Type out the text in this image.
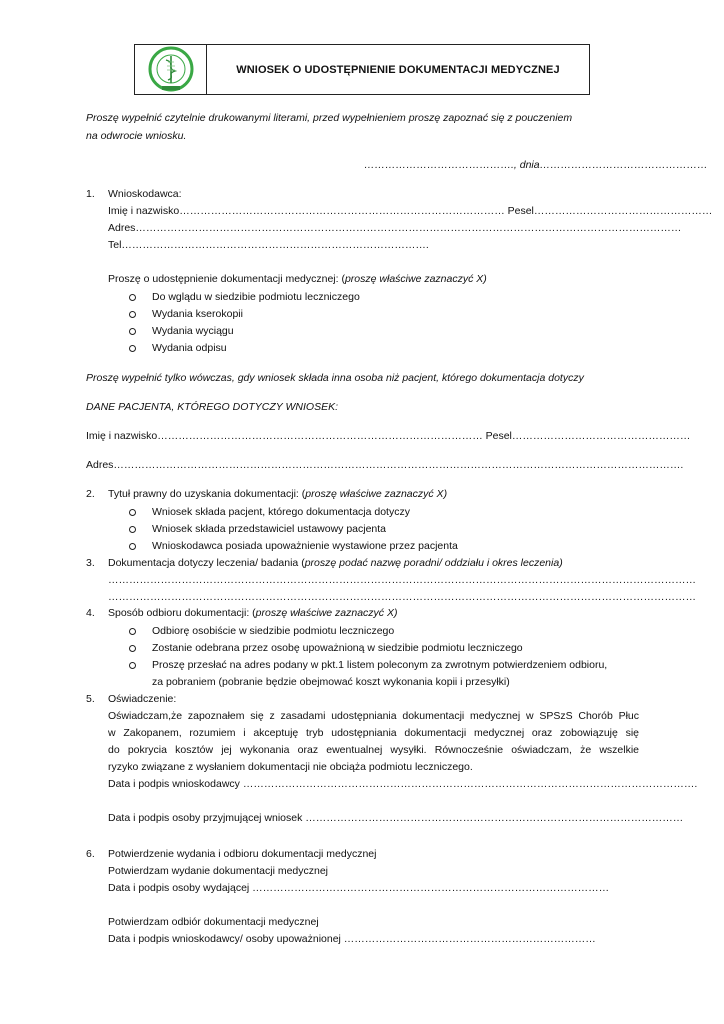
WNIOSEK O UDOSTĘPNIENIE DOKUMENTACJI MEDYCZNEJ
Proszę wypełnić czytelnie drukowanymi literami, przed wypełnieniem proszę zapoznać się z pouczeniem
na odwrocie wniosku.
……………………………………., dnia…………………………………………
1. Wnioskodawca:
Imię i nazwisko………………………………………………………………………………… Pesel……………………………………………
Adres…………………………………………………………………………………………………………………………………………
Tel…………………………………………………………………………….
Proszę o udostępnienie dokumentacji medycznej: (proszę właściwe zaznaczyć X)
Do wglądu w siedzibie podmiotu leczniczego
Wydania kserokopii
Wydania wyciągu
Wydania odpisu
Proszę wypełnić tylko wówczas, gdy wniosek składa inna osoba niż pacjent, którego dokumentacja dotyczy
DANE PACJENTA, KTÓREGO DOTYCZY WNIOSEK:
Imię i nazwisko………………………………………………………………………………… Pesel……………………………………………
Adres……………………………………………………………………………………………………………………………………………….
2. Tytuł prawny do uzyskania dokumentacji: (proszę właściwe zaznaczyć X)
Wniosek składa pacjent, którego dokumentacja dotyczy
Wniosek składa przedstawiciel ustawowy pacjenta
Wnioskodawca posiada upoważnienie wystawione przez pacjenta
3. Dokumentacja dotyczy leczenia/ badania (proszę podać nazwę poradni/ oddziału i okres leczenia)
……………………………………………………………………………………………………………………………………………………
……………………………………………………………………………………………………………………………………………………
4. Sposób odbioru dokumentacji: (proszę właściwe zaznaczyć X)
Odbiorę osobiście w siedzibie podmiotu leczniczego
Zostanie odebrana przez osobę upoważnioną w siedzibie podmiotu leczniczego
Proszę przesłać na adres podany w pkt.1 listem poleconym za zwrotnym potwierdzeniem odbioru,
za pobraniem (pobranie będzie obejmować koszt wykonania kopii i przesyłki)
5. Oświadczenie:
Oświadczam,że zapoznałem się z zasadami udostępniania dokumentacji medycznej w SPSzS Chorób Płuc
w Zakopanem, rozumiem i akceptuję tryb udostępniania dokumentacji medycznej oraz zobowiązuję się
do pokrycia kosztów jej wykonania oraz ewentualnej wysyłki. Równocześnie oświadczam, że wszelkie
ryzyko związane z wysłaniem dokumentacji nie obciąża podmiotu leczniczego.
Data i podpis wnioskodawcy ………………………………………………………………………………………………………………….
Data i podpis osoby przyjmującej wniosek ………………………………………………………………………………………………
6. Potwierdzenie wydania i odbioru dokumentacji medycznej
Potwierdzam wydanie dokumentacji medycznej
Data i podpis osoby wydającej …………………………………………………………………………………………
Potwierdzam odbiór dokumentacji medycznej
Data i podpis wnioskodawcy/ osoby upoważnionej ………………………………………………………………
